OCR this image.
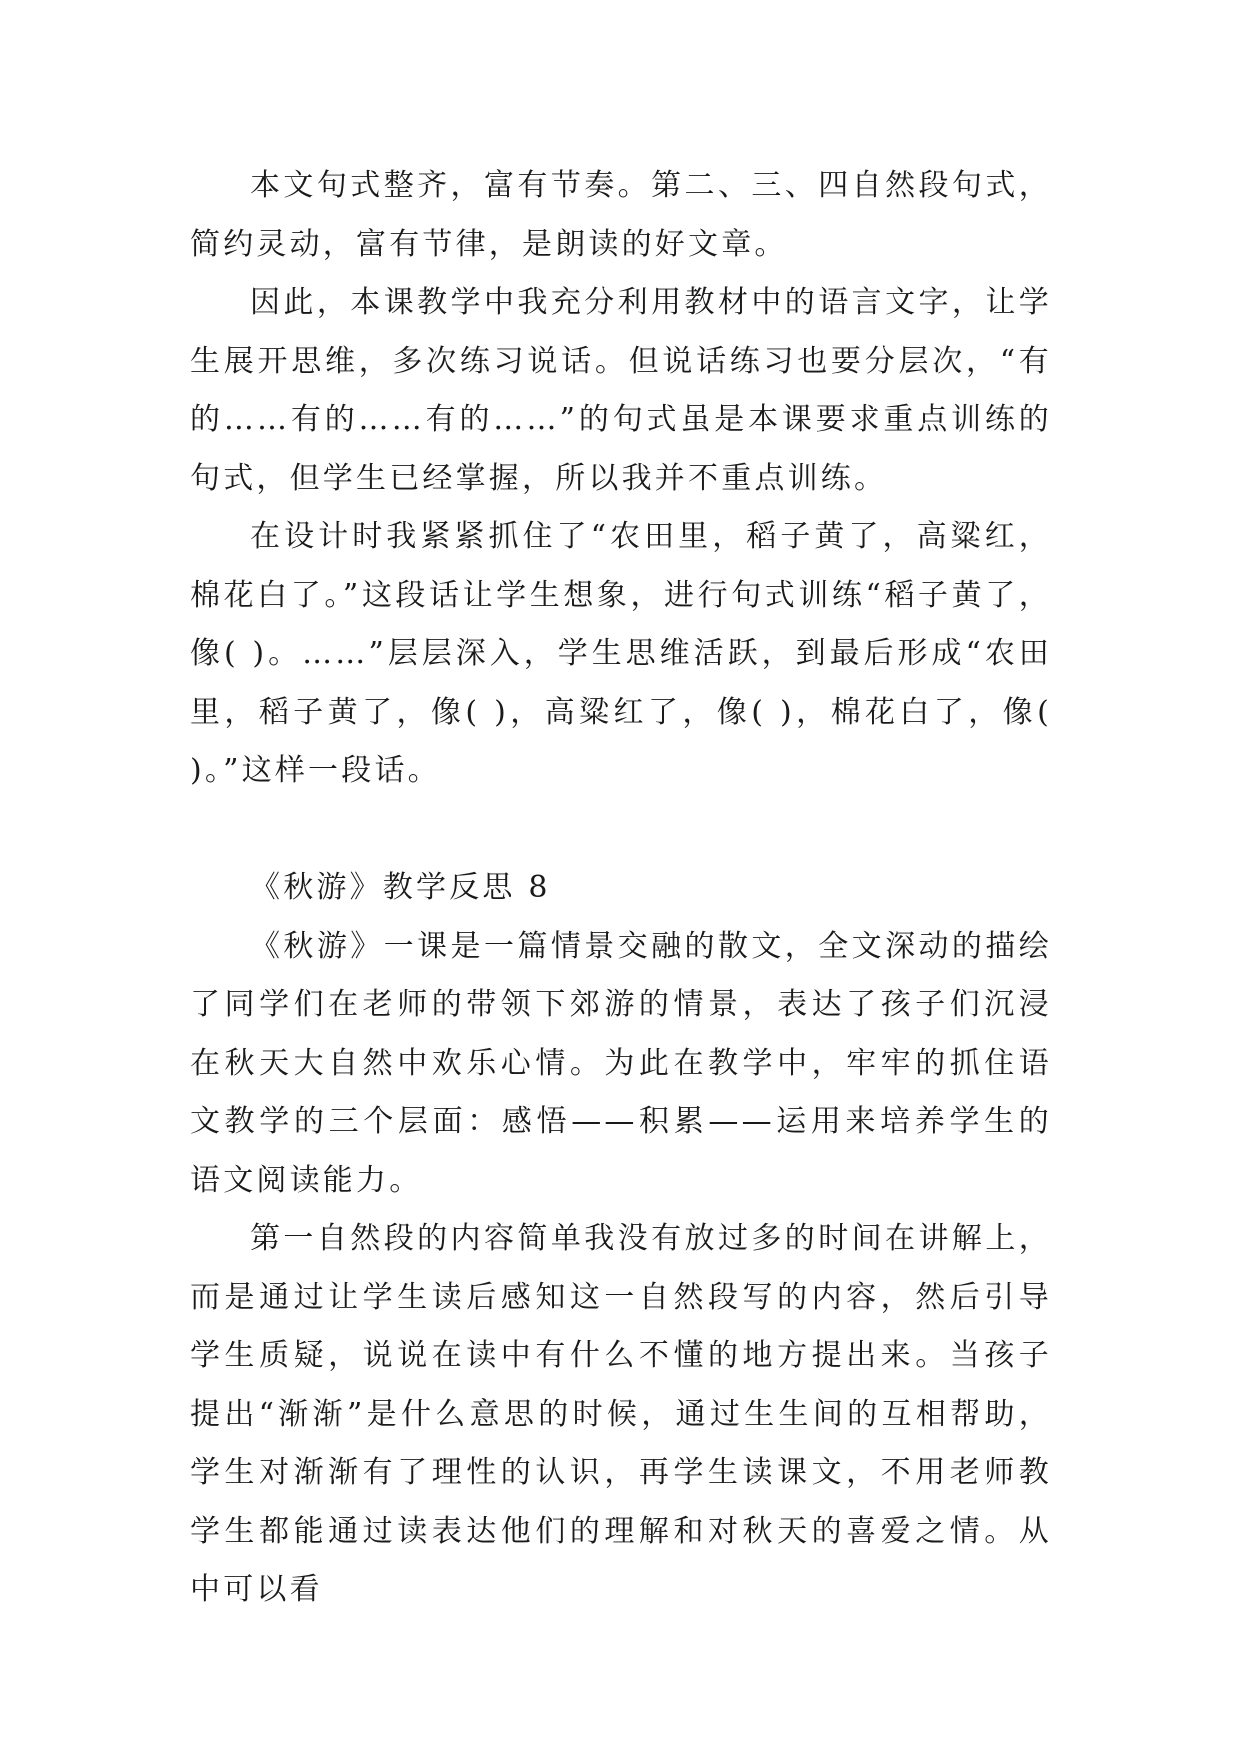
本文句式整齐，富有节奏。第二、三、四自然段句式，简约灵动，富有节律，是朗读的好文章。

因此，本课教学中我充分利用教材中的语言文字，让学生展开思维，多次练习说话。但说话练习也要分层次，“有的……有的……有的……”的句式虽是本课要求重点训练的句式，但学生已经掌握，所以我并不重点训练。

在设计时我紧紧抓住了“农田里，稻子黄了，高粱红，棉花白了。”这段话让学生想象，进行句式训练“稻子黄了，像( )。……”层层深入，学生思维活跃，到最后形成“农田里，稻子黄了，像( )，高粱红了，像( )，棉花白了，像( )。”这样一段话。

《秋游》教学反思 8

《秋游》一课是一篇情景交融的散文，全文深动的描绘了同学们在老师的带领下郊游的情景，表达了孩子们沉浸在秋天大自然中欢乐心情。为此在教学中，牢牢的抓住语文教学的三个层面：感悟——积累——运用来培养学生的语文阅读能力。

第一自然段的内容简单我没有放过多的时间在讲解上，而是通过让学生读后感知这一自然段写的内容，然后引导学生质疑，说说在读中有什么不懂的地方提出来。当孩子提出“渐渐”是什么意思的时候，通过生生间的互相帮助，学生对渐渐有了理性的认识，再学生读课文，不用老师教学生都能通过读表达他们的理解和对秋天的喜爱之情。从中可以看
